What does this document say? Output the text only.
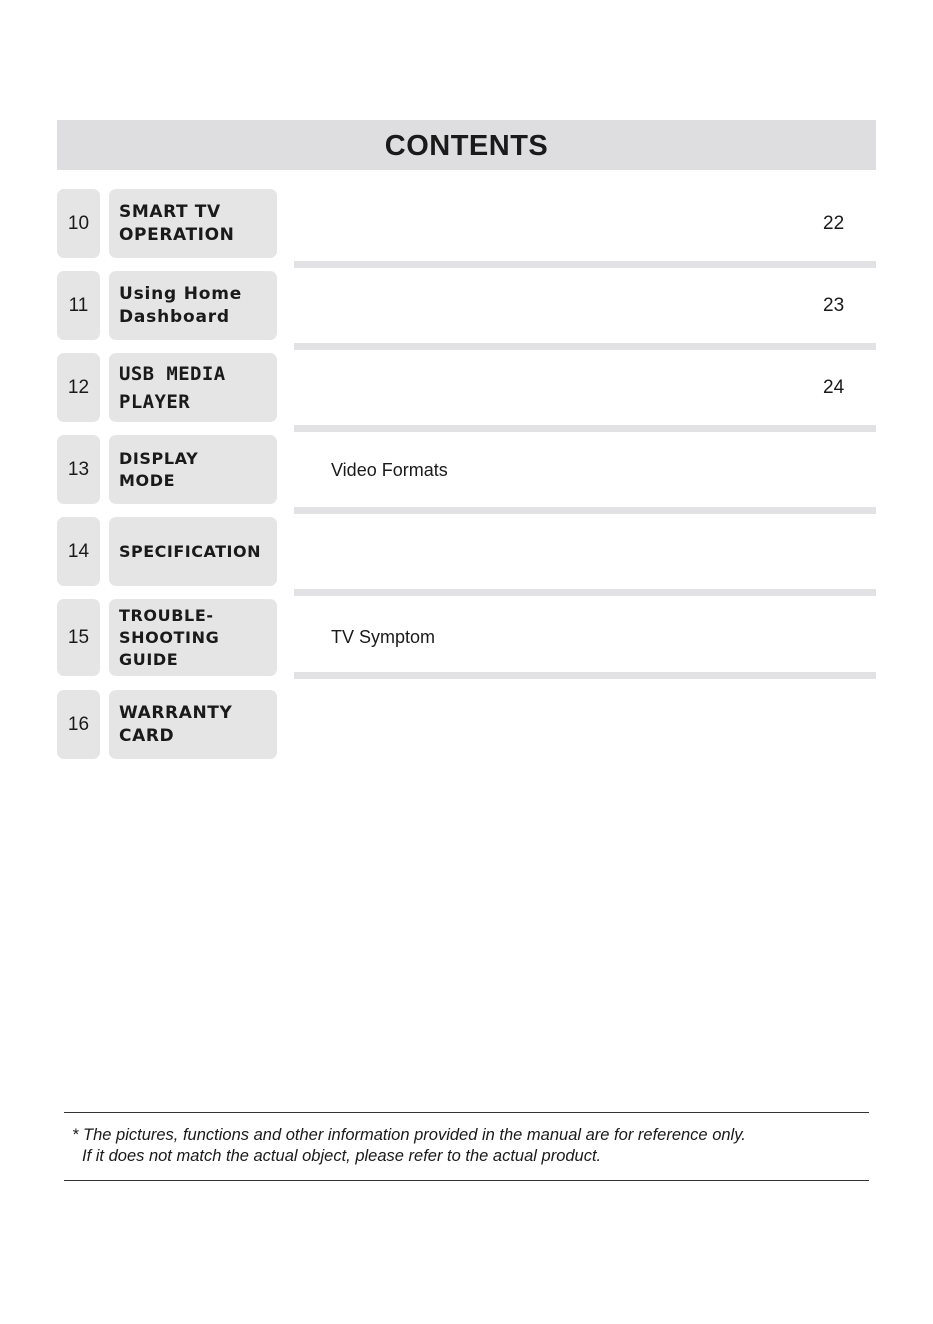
CONTENTS
10
SMART TV
OPERATION
22
11
Using Home
Dashboard
23
12
USB MEDIA
PLAYER
24
13
DISPLAY
MODE	Video Formats
14	SPECIFICATION
15
TROUBLE-
SHOOTING
GUIDE
TV Symptom
16
WARRANTY
CARD
* The pictures, functions and other information provided in the manual are for reference only.
If it does not match the actual object, please refer to the actual product.
